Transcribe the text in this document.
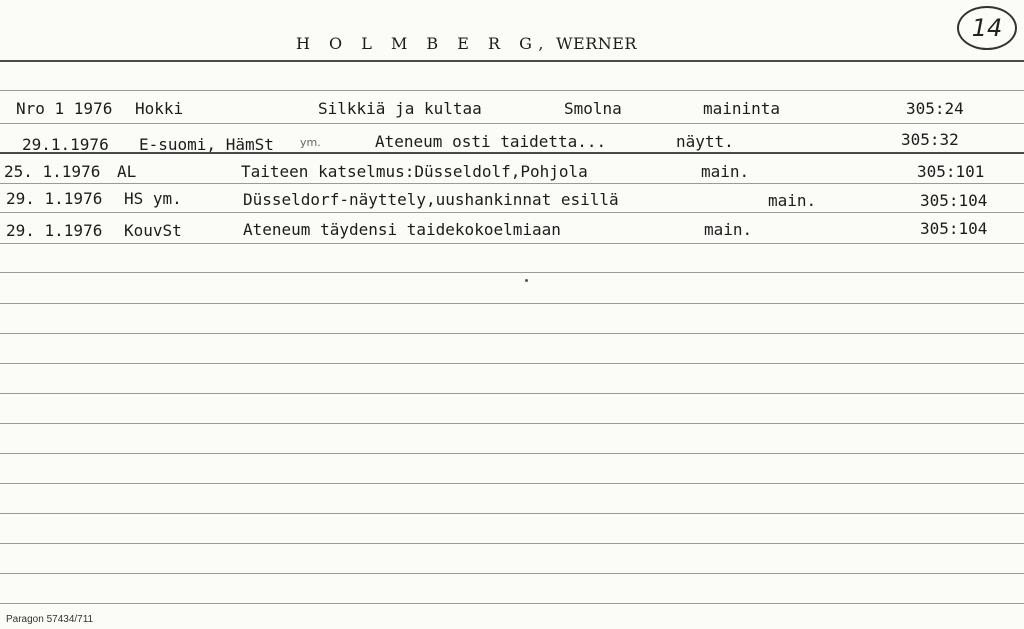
H O L M B E R G, WERNER
14
Nro 1 1976 Hokki	Silkkiä ja kultaa	Smolna	maininta	305:24
29.1.1976 E-suomi, HämSt ym.	Ateneum osti taidetta...	näytt.	305:32
25. 1.1976 AL	Taiteen katselmus:Düsseldolf,Pohjola	main.	305:101
29. 1.1976 HS ym.	Düsseldorf-näyttely,uushankinnat esillä	main.	305:104
29. 1.1976 KouvSt	Ateneum täydensi taidekokoelmiaan	main.	305:104
Paragon 57434/711
